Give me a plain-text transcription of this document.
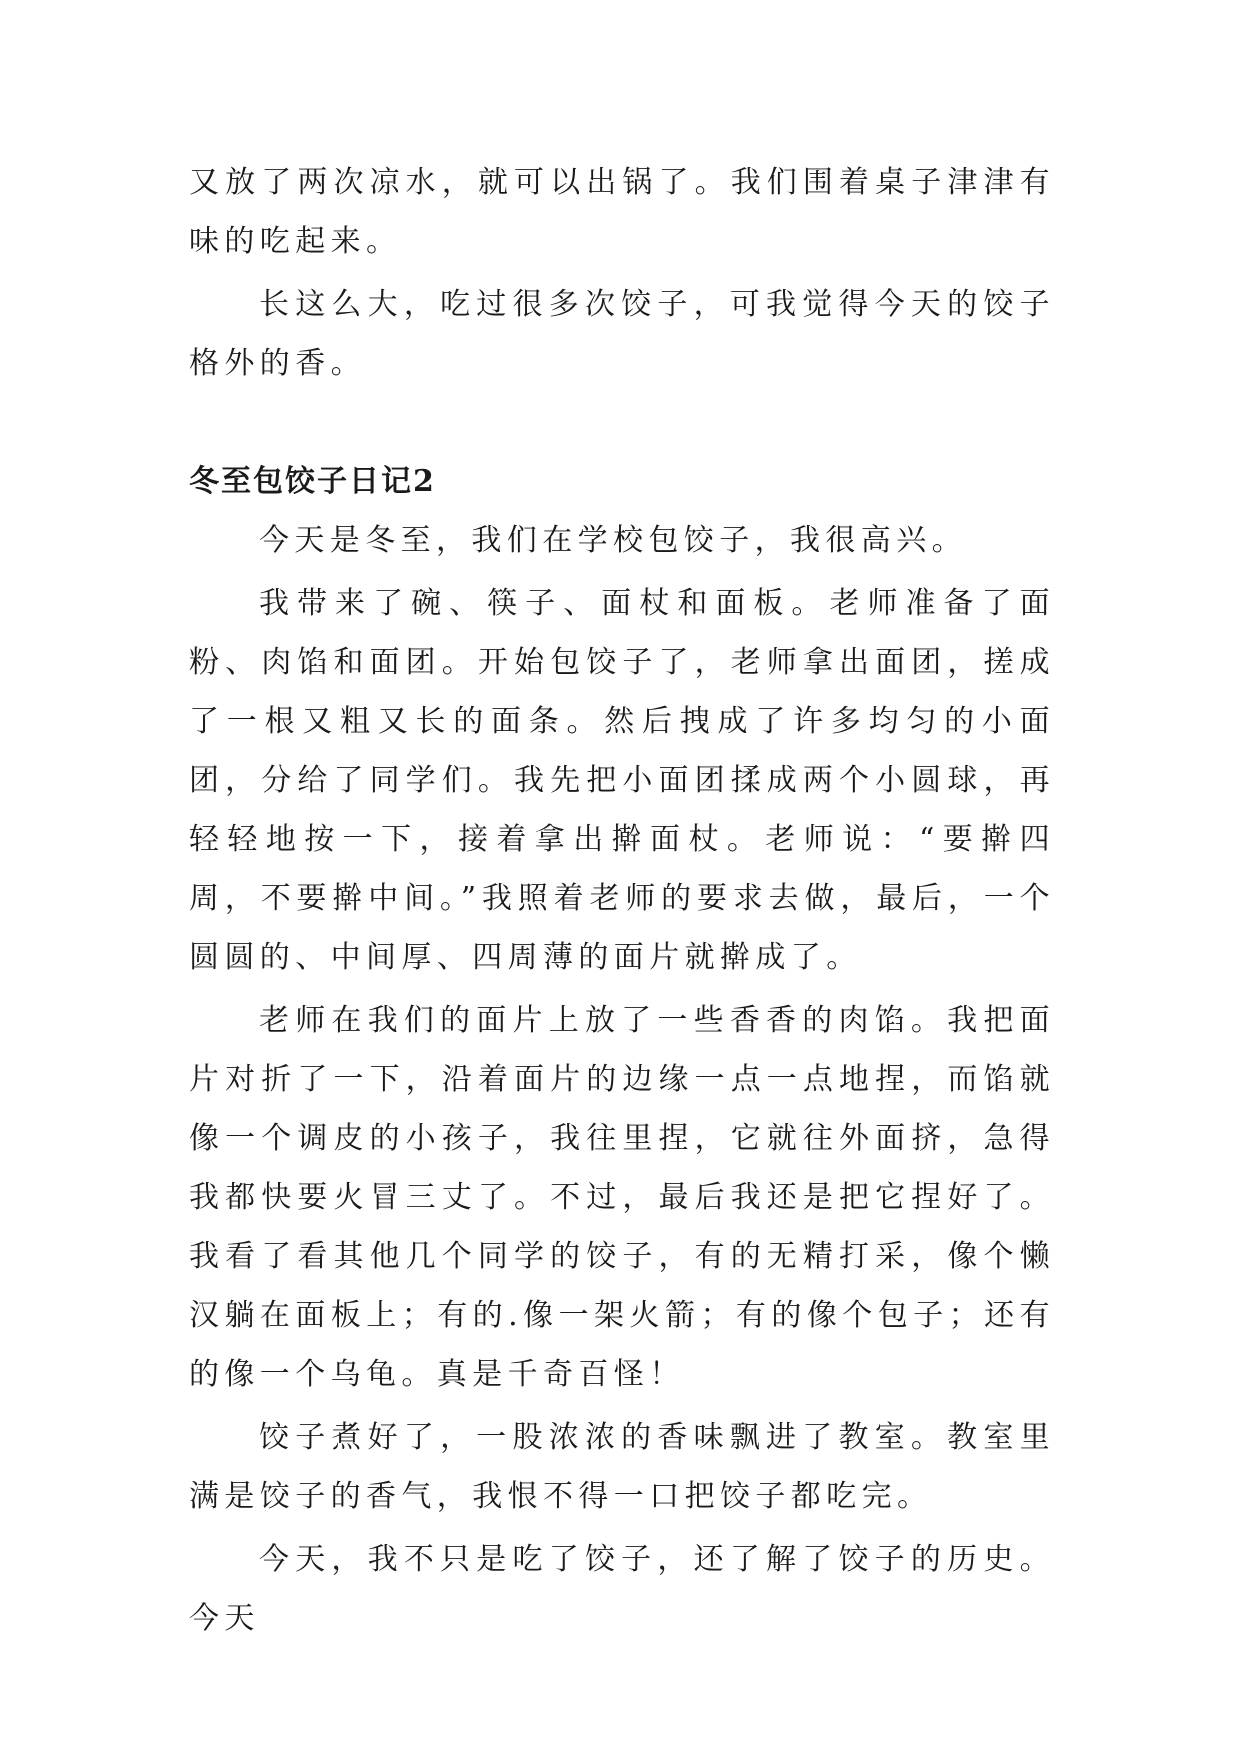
又放了两次凉水，就可以出锅了。我们围着桌子津津有味的吃起来。

长这么大，吃过很多次饺子，可我觉得今天的饺子格外的香。

冬至包饺子日记2

今天是冬至，我们在学校包饺子，我很高兴。

我带来了碗、筷子、面杖和面板。老师准备了面粉、肉馅和面团。开始包饺子了，老师拿出面团，搓成了一根又粗又长的面条。然后拽成了许多均匀的小面团，分给了同学们。我先把小面团揉成两个小圆球，再轻轻地按一下，接着拿出擀面杖。老师说：“要擀四周，不要擀中间。”我照着老师的要求去做，最后，一个圆圆的、中间厚、四周薄的面片就擀成了。

老师在我们的面片上放了一些香香的肉馅。我把面片对折了一下，沿着面片的边缘一点一点地捏，而馅就像一个调皮的小孩子，我往里捏，它就往外面挤，急得我都快要火冒三丈了。不过，最后我还是把它捏好了。我看了看其他几个同学的饺子，有的无精打采，像个懒汉躺在面板上；有的.像一架火箭；有的像个包子；还有的像一个乌龟。真是千奇百怪！

饺子煮好了，一股浓浓的香味飘进了教室。教室里满是饺子的香气，我恨不得一口把饺子都吃完。

今天，我不只是吃了饺子，还了解了饺子的历史。今天
